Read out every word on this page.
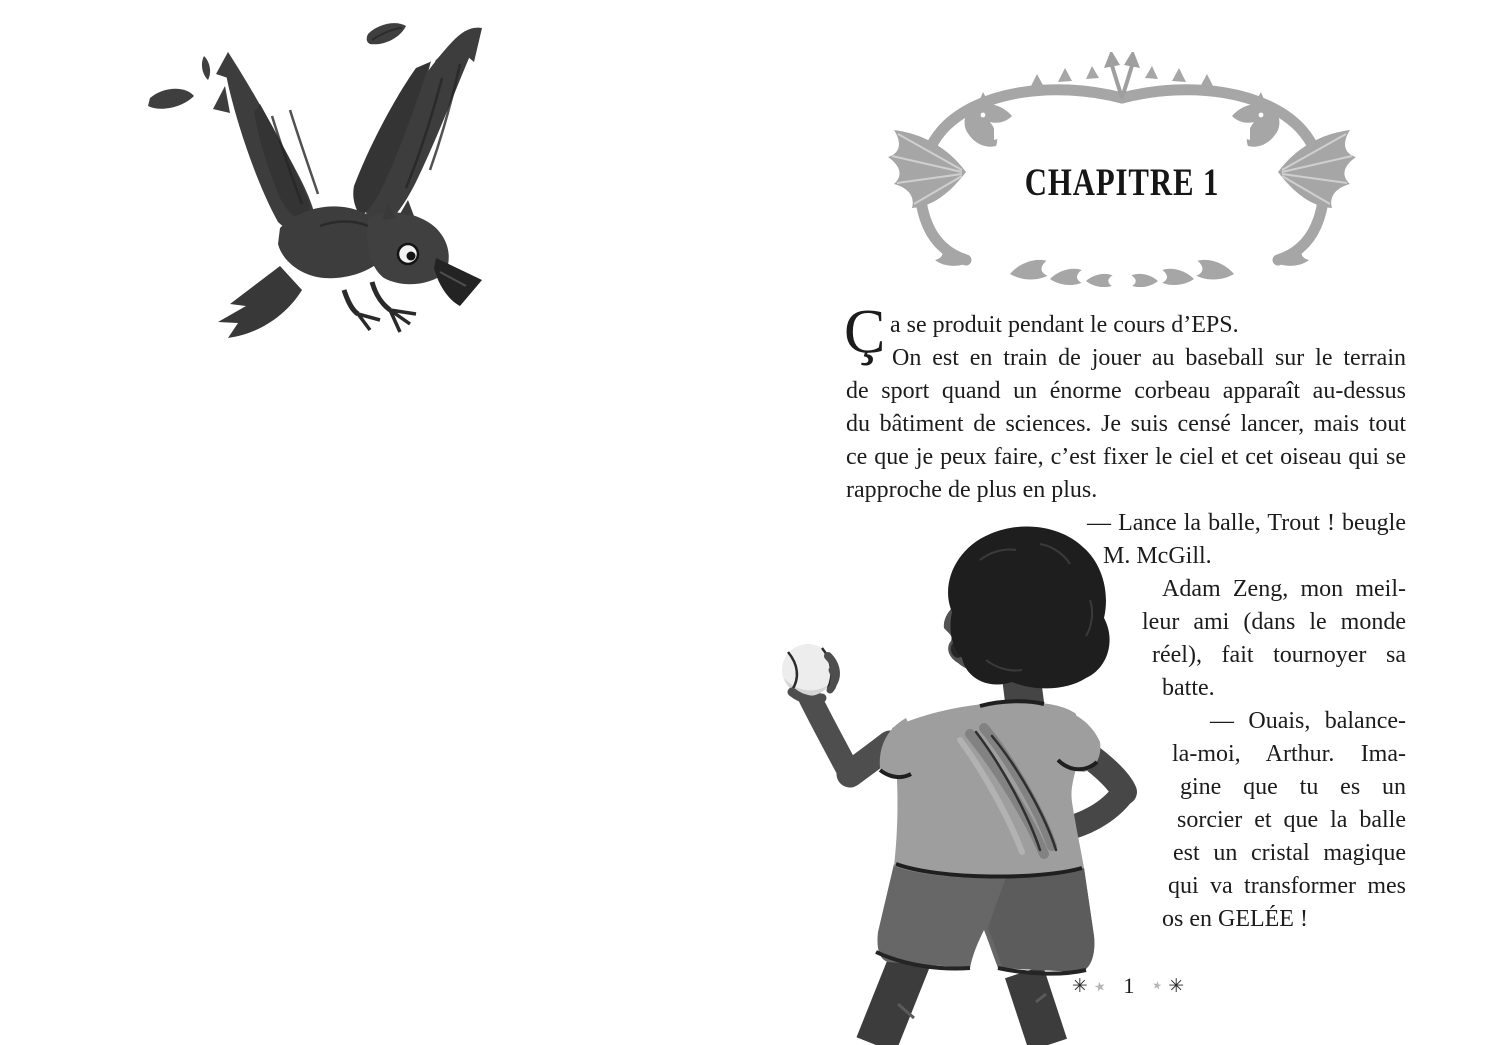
CHAPITRE 1
Ç a se produit pendant le cours d’EPS.
On est en train de jouer au baseball sur le terrain
de sport quand un énorme corbeau apparaît au-dessus
du bâtiment de sciences. Je suis censé lancer, mais tout
ce que je peux faire, c’est fixer le ciel et cet oiseau qui se
rapproche de plus en plus.
— Lance la balle, Trout ! beugle
M. McGill.
Adam Zeng, mon meil-
leur ami (dans le monde
réel), fait tournoyer sa
batte.
— Ouais, balance-
la-moi, Arthur. Ima-
gine que tu es un
sorcier et que la balle
est un cristal magique
qui va transformer mes
os en GELÉE !
✳ ★ 1 ★ ✳
